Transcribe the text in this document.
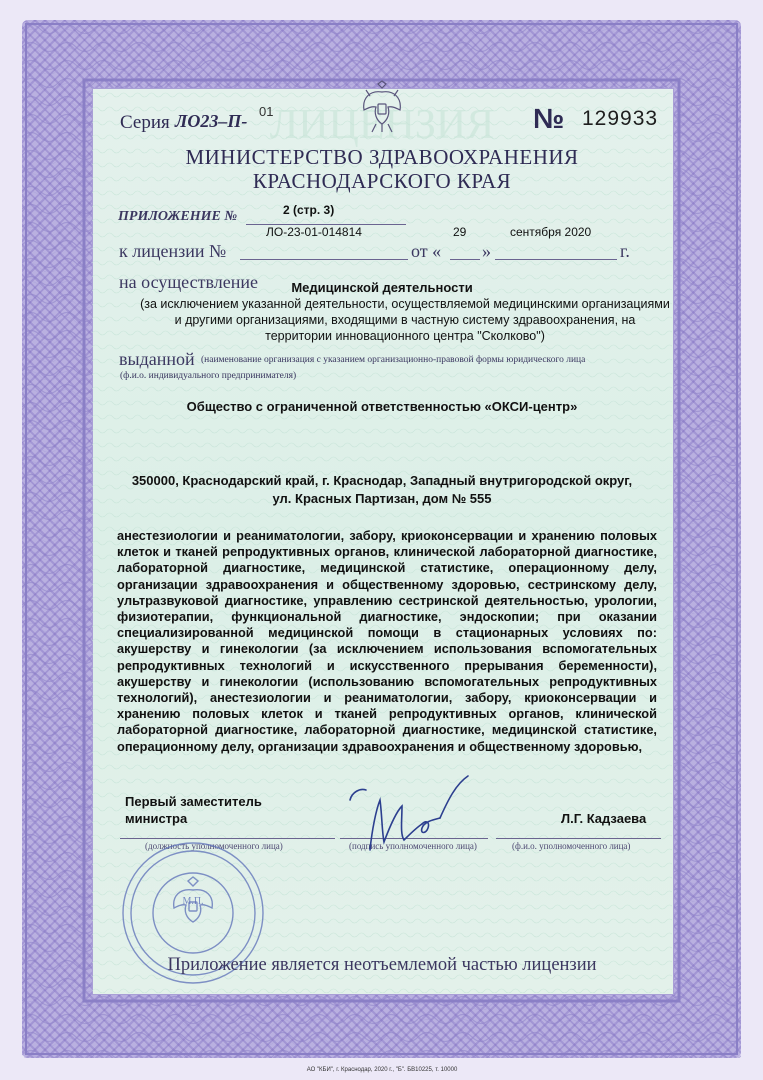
ЛИЦЕНЗИЯ
Серия ЛО23–П- 01	№ 129933
МИНИСТЕРСТВО ЗДРАВООХРАНЕНИЯ
КРАСНОДАРСКОГО КРАЯ
ПРИЛОЖЕНИЕ №	2 (стр. 3)
к лицензии №
ЛО-23-01-014814
от «
29
»
сентября 2020
г.
на осуществление	Медицинской деятельности
(за исключением указанной деятельности, осуществляемой медицинскими организациями и другими организациями, входящими в частную систему здравоохранения, на территории инновационного центра "Сколково")
выданной (наименование организация с указанием организационно-правовой формы юридического лица
(ф.и.о. индивидуального предпринимателя)
Общество с ограниченной ответственностью «ОКСИ-центр»
350000, Краснодарский край, г. Краснодар, Западный внутригородской округ,
ул. Красных Партизан, дом № 555
анестезиологии и реаниматологии, забору, криоконсервации и хранению половых клеток и тканей репродуктивных органов, клинической лабораторной диагностике, лабораторной диагностике, медицинской статистике, операционному делу, организации здравоохранения и общественному здоровью, сестринскому делу, ультразвуковой диагностике, управлению сестринской деятельностью, урологии, физиотерапии, функциональной диагностике, эндоскопии; при оказании специализированной медицинской помощи в стационарных условиях по: акушерству и гинекологии (за исключением использования вспомогательных репродуктивных технологий и искусственного прерывания беременности), акушерству и гинекологии (использованию вспомогательных репродуктивных технологий), анестезиологии и реаниматологии, забору, криоконсервации и хранению половых клеток и тканей репродуктивных органов, клинической лабораторной диагностике, лабораторной диагностике, медицинской статистике, операционному делу, организации здравоохранения и общественному здоровью,
Первый заместитель
министра	Л.Г. Кадзаева
(должность уполномоченного лица)	(подпись уполномоченного лица)	(ф.и.о. уполномоченного лица)
М.П.
Приложение является неотъемлемой частью лицензии
АО "КБИ", г. Краснодар, 2020 г., "Б". БВ10225, т. 10000
